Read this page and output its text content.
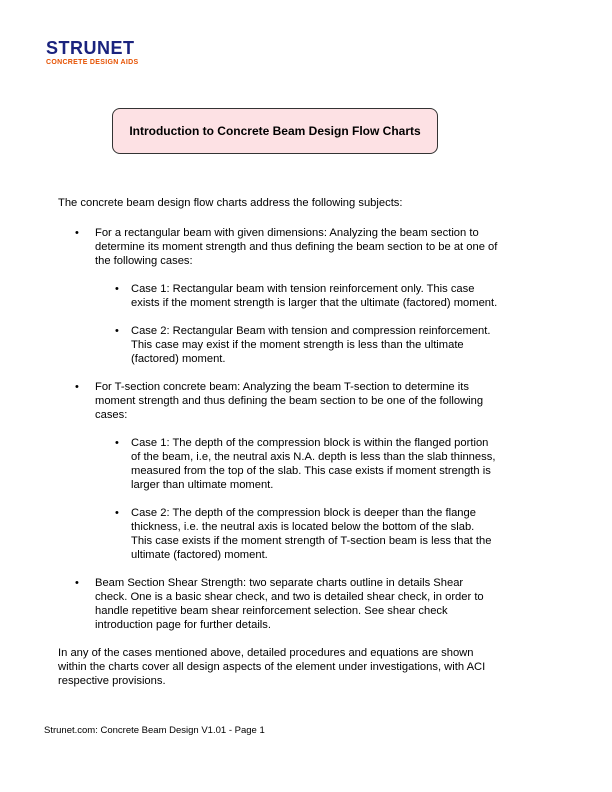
STRUNET
CONCRETE DESIGN AIDS
Introduction to Concrete Beam Design Flow Charts

The concrete beam design flow charts address the following subjects:

• For a rectangular beam with given dimensions: Analyzing the beam section to determine its moment strength and thus defining the beam section to be at one of the following cases:
• Case 1: Rectangular beam with tension reinforcement only. This case exists if the moment strength is larger that the ultimate (factored) moment.
• Case 2: Rectangular Beam with tension and compression reinforcement. This case may exist if the moment strength is less than the ultimate (factored) moment.
• For T-section concrete beam: Analyzing the beam T-section to determine its moment strength and thus defining the beam section to be one of the following cases:
• Case 1: The depth of the compression block is within the flanged portion of the beam, i.e, the neutral axis N.A. depth is less than the slab thinness, measured from the top of the slab. This case exists if moment strength is larger than ultimate moment.
• Case 2: The depth of the compression block is deeper than the flange thickness, i.e. the neutral axis is located below the bottom of the slab. This case exists if the moment strength of T-section beam is less that the ultimate (factored) moment.
• Beam Section Shear Strength: two separate charts outline in details Shear check. One is a basic shear check, and two is detailed shear check, in order to handle repetitive beam shear reinforcement selection. See shear check introduction page for further details.

In any of the cases mentioned above, detailed procedures and equations are shown within the charts cover all design aspects of the element under investigations, with ACI respective provisions.

Strunet.com: Concrete Beam Design V1.01 - Page 1
